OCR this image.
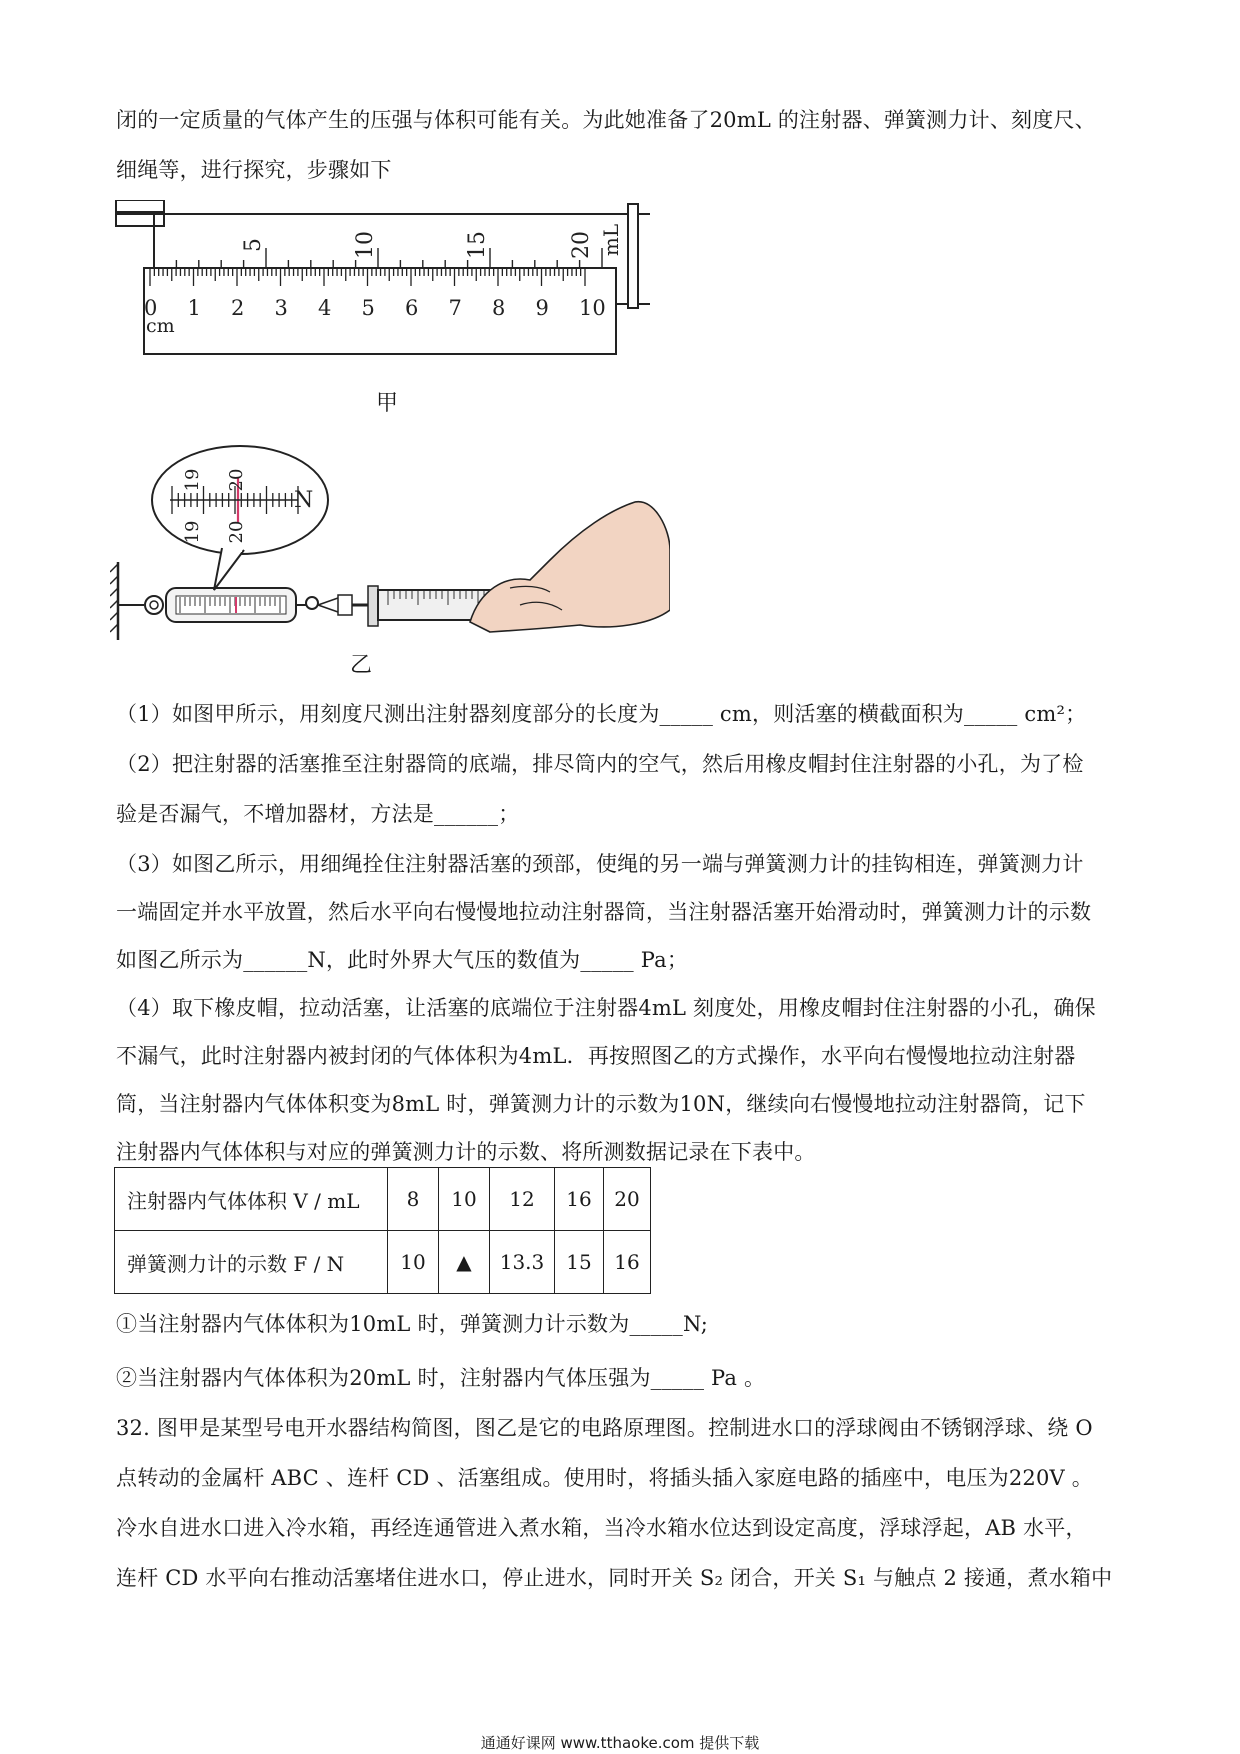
闭的一定质量的气体产生的压强与体积可能有关。为此她准备了20mL 的注射器、弹簧测力计、刻度尺、
细绳等，进行探究，步骤如下
5	10	15	20 mL
0 1 2 3 4 5 6 7 8 9 10
cm
甲
19 20
19 20
N
乙
（1）如图甲所示，用刻度尺测出注射器刻度部分的长度为_____ cm，则活塞的横截面积为_____ cm²；
（2）把注射器的活塞推至注射器筒的底端，排尽筒内的空气，然后用橡皮帽封住注射器的小孔，为了检
验是否漏气，不增加器材，方法是______；
（3）如图乙所示，用细绳拴住注射器活塞的颈部，使绳的另一端与弹簧测力计的挂钩相连，弹簧测力计
一端固定并水平放置，然后水平向右慢慢地拉动注射器筒，当注射器活塞开始滑动时，弹簧测力计的示数
如图乙所示为______N，此时外界大气压的数值为_____ Pa；
（4）取下橡皮帽，拉动活塞，让活塞的底端位于注射器4mL 刻度处，用橡皮帽封住注射器的小孔，确保
不漏气，此时注射器内被封闭的气体体积为4mL．再按照图乙的方式操作，水平向右慢慢地拉动注射器
筒，当注射器内气体体积变为8mL 时，弹簧测力计的示数为10N，继续向右慢慢地拉动注射器筒，记下
注射器内气体体积与对应的弹簧测力计的示数、将所测数据记录在下表中。
注射器内气体体积 V / mL	8	10	12	16	20
弹簧测力计的示数 F / N	10	▲	13.3	15	16
①当注射器内气体体积为10mL 时，弹簧测力计示数为_____N;
②当注射器内气体体积为20mL 时，注射器内气体压强为_____ Pa 。
32. 图甲是某型号电开水器结构简图，图乙是它的电路原理图。控制进水口的浮球阀由不锈钢浮球、绕 O
点转动的金属杆 ABC 、连杆 CD 、活塞组成。使用时，将插头插入家庭电路的插座中，电压为220V 。
冷水自进水口进入冷水箱，再经连通管进入煮水箱，当冷水箱水位达到设定高度，浮球浮起，AB 水平，
连杆 CD 水平向右推动活塞堵住进水口，停止进水，同时开关 S₂ 闭合，开关 S₁ 与触点 2 接通，煮水箱中
通通好课网 www.tthaoke.com 提供下载
